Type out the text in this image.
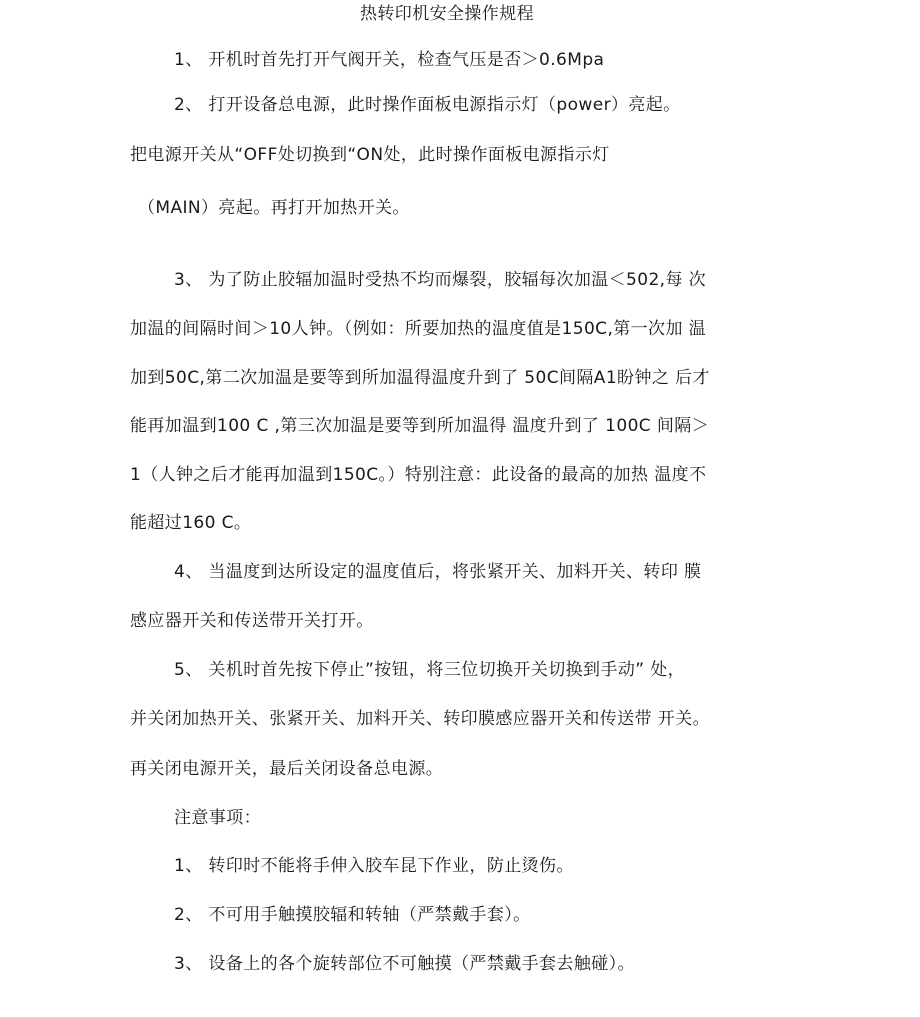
热转印机安全操作规程
1、 开机时首先打开气阀开关，检查气压是否＞0.6Mpa
2、 打开设备总电源，此时操作面板电源指示灯（power）亮起。
把电源开关从“OFF处切换到“ON处，此时操作面板电源指示灯
（MAIN）亮起。再打开加热开关。
3、 为了防止胶辐加温时受热不均而爆裂，胶辐每次加温＜502,每 次
加温的间隔时间＞10人钟。（例如：所要加热的温度值是150C,第一次加 温
加到50C,第二次加温是要等到所加温得温度升到了 50C间隔A1盼钟之 后才
能再加温到100 C ,第三次加温是要等到所加温得 温度升到了 100C 间隔＞
1（人钟之后才能再加温到150C。）特别注意：此设备的最高的加热 温度不
能超过160 C。
4、 当温度到达所设定的温度值后，将张紧开关、加料开关、转印 膜
感应器开关和传送带开关打开。
5、 关机时首先按下停止”按钮，将三位切换开关切换到手动” 处，
并关闭加热开关、张紧开关、加料开关、转印膜感应器开关和传送带 开关。
再关闭电源开关，最后关闭设备总电源。
注意事项：
1、 转印时不能将手伸入胶车昆下作业，防止烫伤。
2、 不可用手触摸胶辐和转轴（严禁戴手套）。
3、 设备上的各个旋转部位不可触摸（严禁戴手套去触碰）。
